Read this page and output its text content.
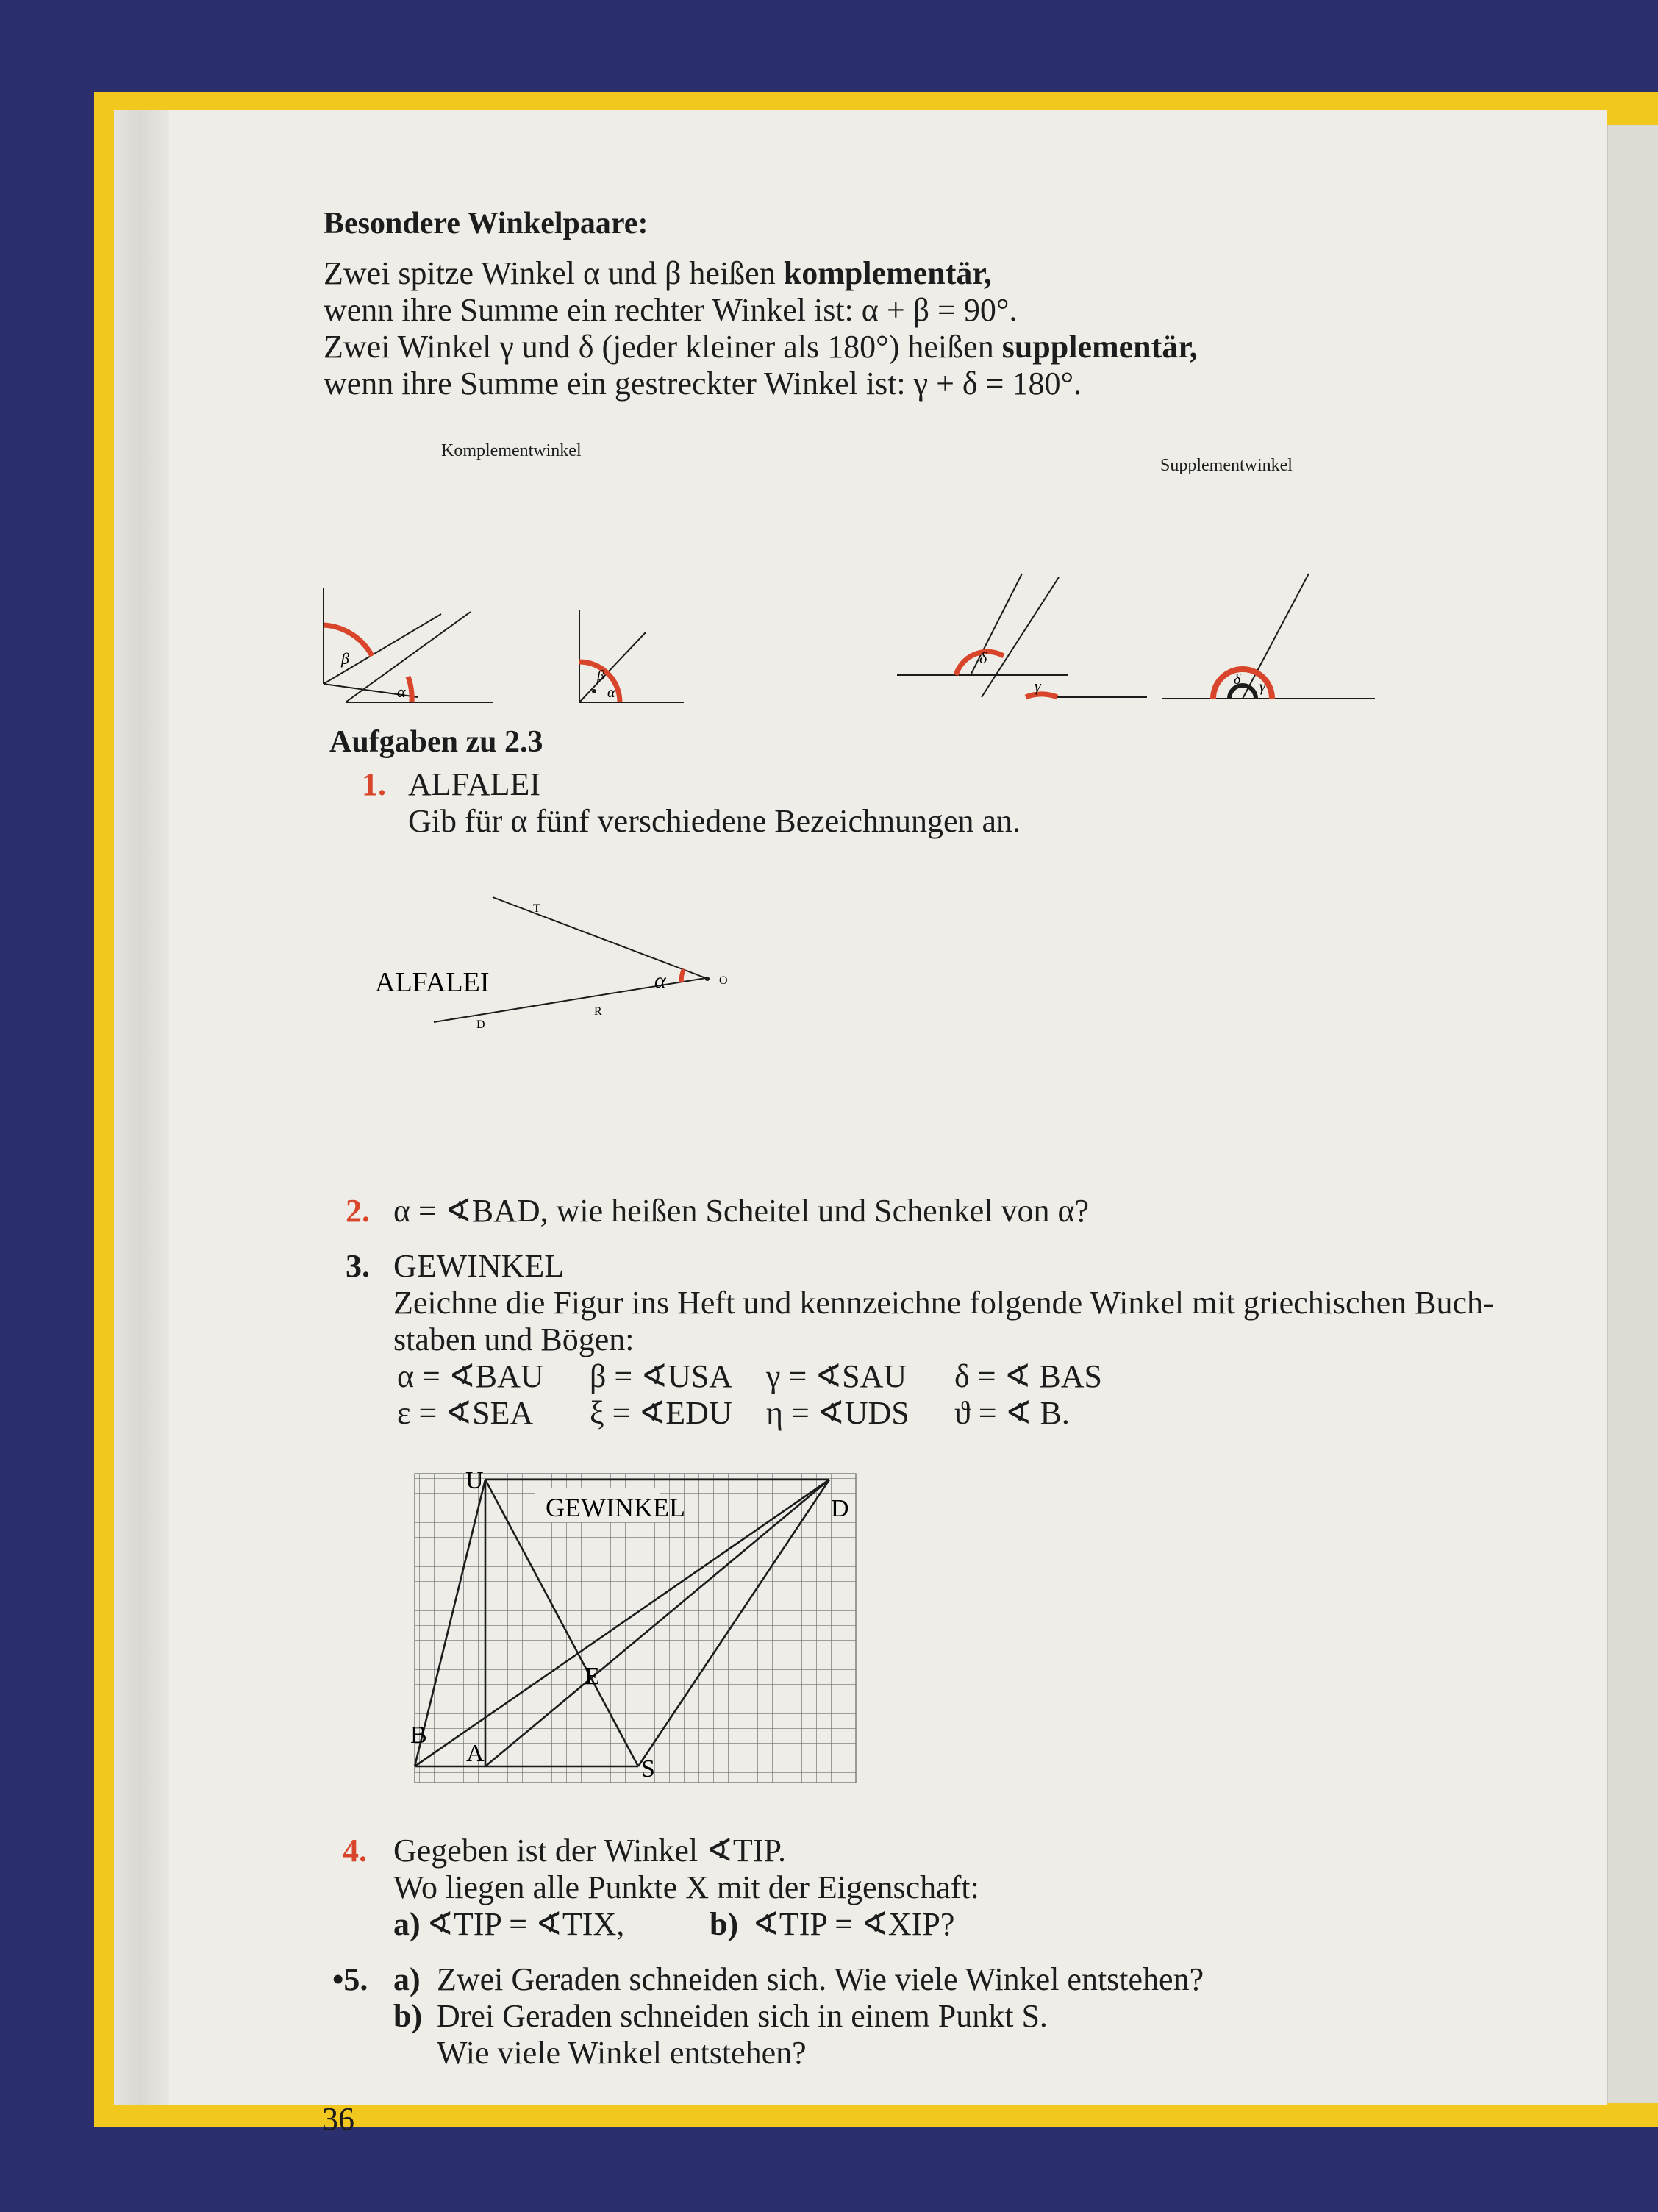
Besondere Winkelpaare:
Zwei spitze Winkel α und β heißen komplementär,
wenn ihre Summe ein rechter Winkel ist: α + β = 90°.
Zwei Winkel γ und δ (jeder kleiner als 180°) heißen supplementär,
wenn ihre Summe ein gestreckter Winkel ist: γ + δ = 180°.
Komplementwinkel
β
α
β
α
Supplementwinkel
δ
γ	δ γ
Aufgaben zu 2.3
1. ALFALEI
Gib für α fünf verschiedene Bezeichnungen an.
ALFALEI	α
T
O
R
D
2. α = ∢BAD, wie heißen Scheitel und Schenkel von α?
3. GEWINKEL
Zeichne die Figur ins Heft und kennzeichne folgende Winkel mit griechischen Buch-
staben und Bögen:
α = ∢BAU β = ∢USA γ = ∢SAU δ = ∢ BAS
ε = ∢SEA ξ = ∢EDU η = ∢UDS ϑ = ∢ B.
U
GEWINKEL	D
E
B
A
S
4. Gegeben ist der Winkel ∢TIP.
Wo liegen alle Punkte X mit der Eigenschaft:
a) ∢TIP = ∢TIX,	b) ∢TIP = ∢XIP?
•5. a) Zwei Geraden schneiden sich. Wie viele Winkel entstehen?
b) Drei Geraden schneiden sich in einem Punkt S.
Wie viele Winkel entstehen?
36
